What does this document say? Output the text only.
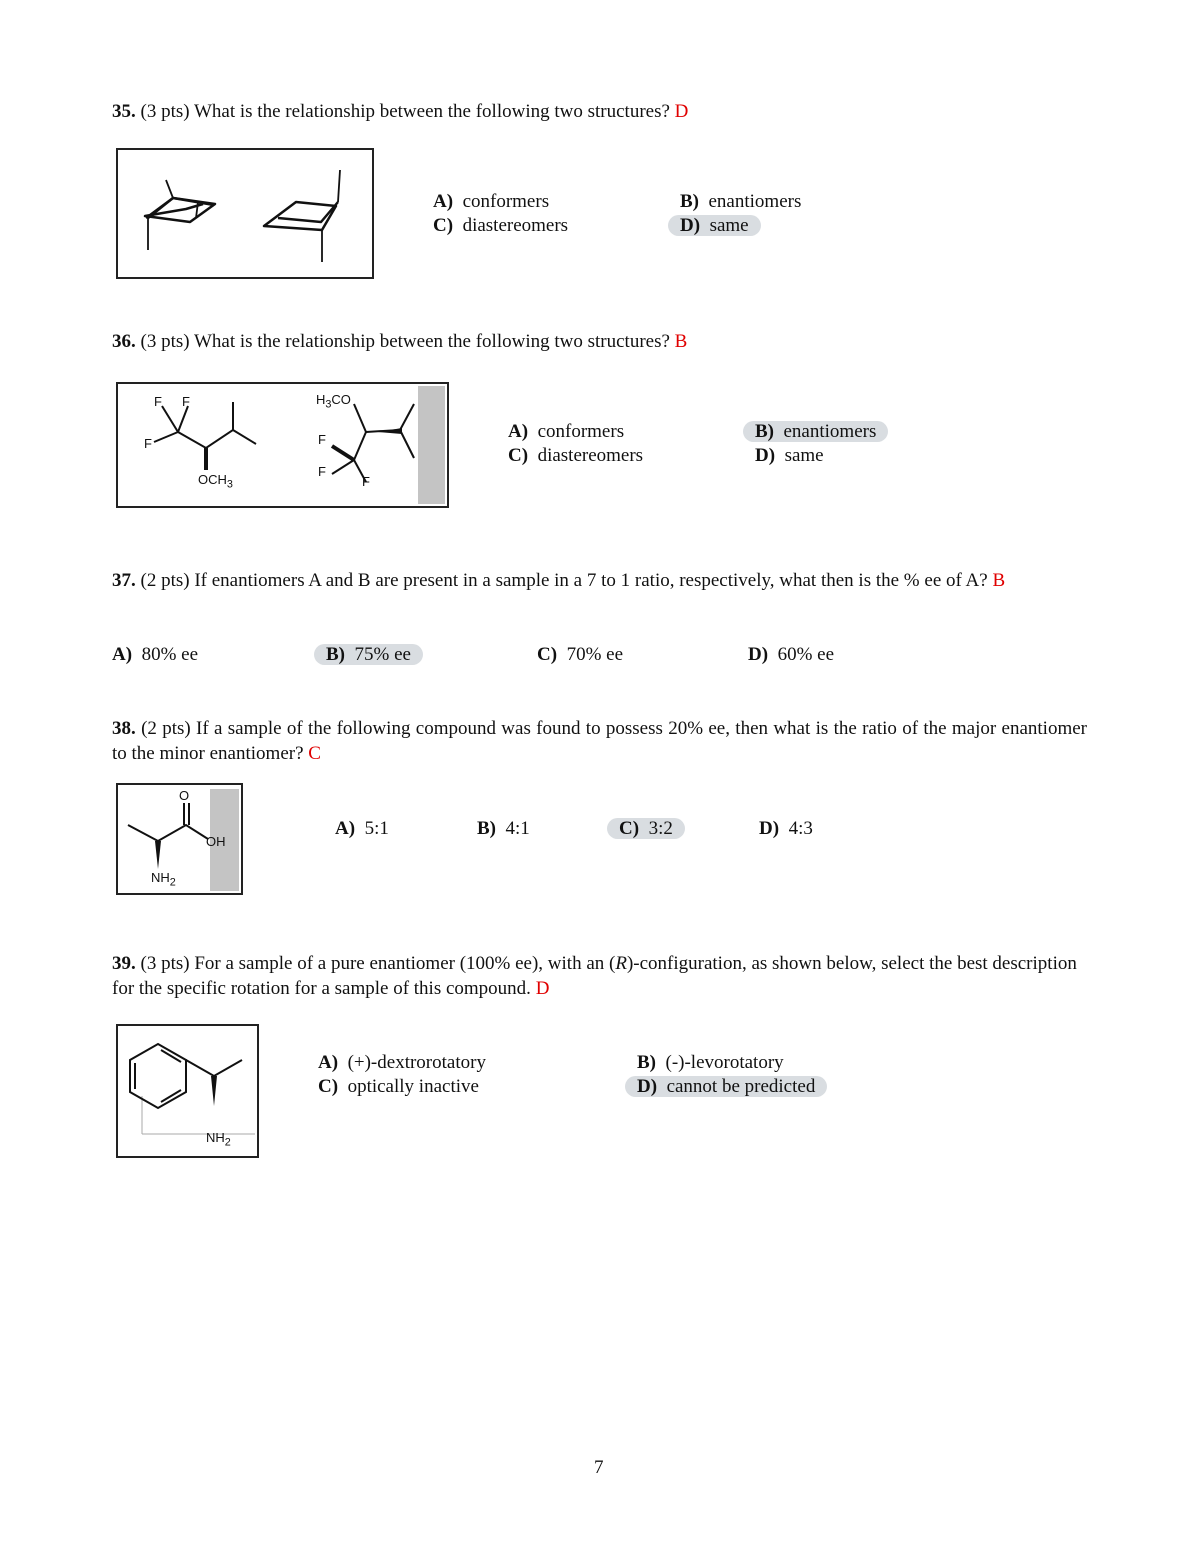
35. (3 pts) What is the relationship between the following two structures? D
A) conformers	B) enantiomers
C) diastereomers	D) same
36. (3 pts) What is the relationship between the following two structures? B
F F
F
$OCH_3$
$H_3CO$
F
F
F
A) conformers	B) enantiomers
C) diastereomers	D) same
37. (2 pts) If enantiomers A and B are present in a sample in a 7 to 1 ratio, respectively, what then is the % ee of A? B
A) 80% ee	B) 75% ee	C) 70% ee	D) 60% ee
38. (2 pts) If a sample of the following compound was found to possess 20% ee, then what is the ratio of the major enantiomer to the minor enantiomer? C
O
OH
$NH_2$
A) 5:1	B) 4:1	C) 3:2	D) 4:3
39. (3 pts) For a sample of a pure enantiomer (100% ee), with an (R)-configuration, as shown below, select the best description for the specific rotation for a sample of this compound. D
$NH_2$
A) (+)-dextrorotatory	B) (-)-levorotatory
C) optically inactive	D) cannot be predicted
7
